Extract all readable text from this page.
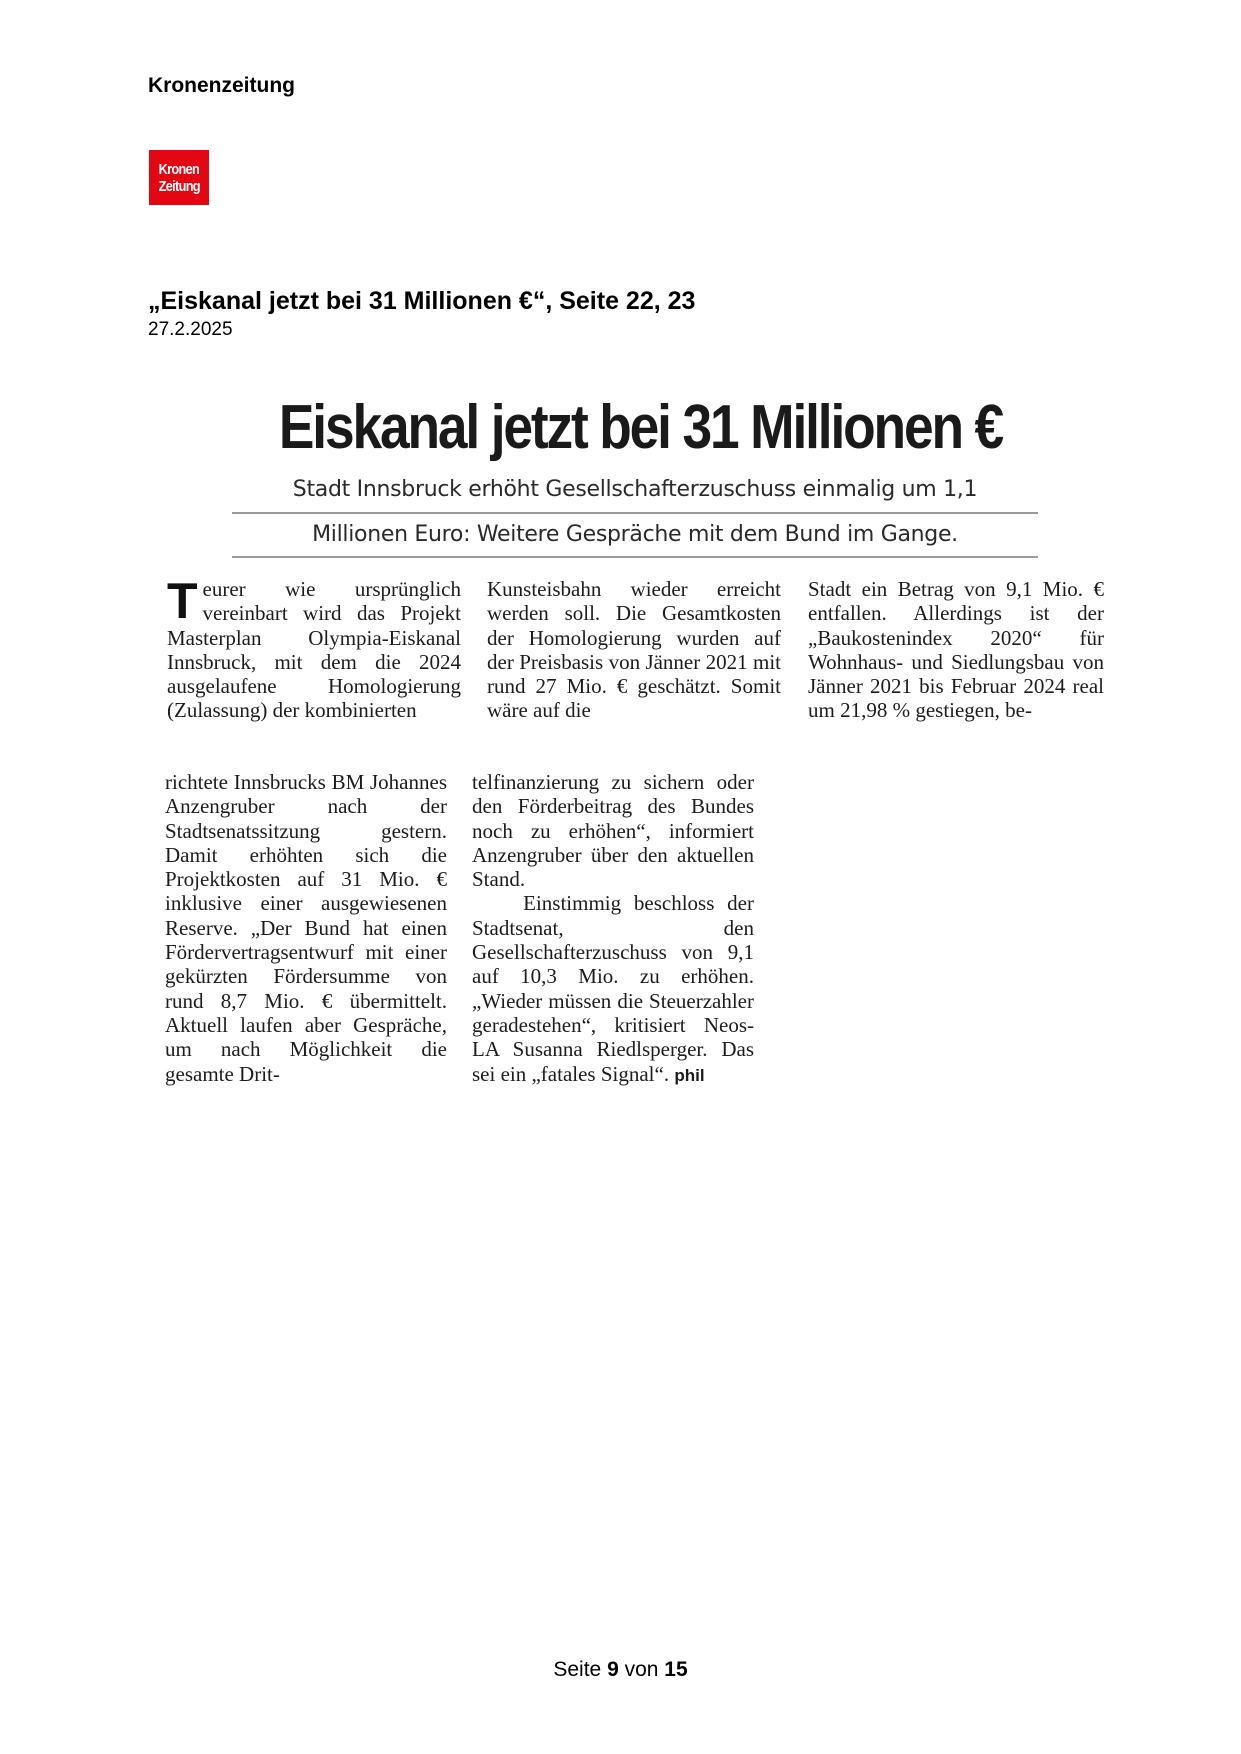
Kronenzeitung
Kronen
Zeitung
„Eiskanal jetzt bei 31 Millionen €“, Seite 22, 23
27.2.2025
Eiskanal jetzt bei 31 Millionen €
Stadt Innsbruck erhöht Gesellschafterzuschuss einmalig um 1,1
Millionen Euro: Weitere Gespräche mit dem Bund im Gange.

Teurer wie ursprünglich vereinbart wird das Projekt Masterplan Olympia-Eiskanal Innsbruck, mit dem die 2024 ausgelaufene Homologierung (Zulassung) der kombinierten

Kunsteisbahn wieder erreicht werden soll. Die Gesamtkosten der Homologierung wurden auf der Preisbasis von Jänner 2021 mit rund 27 Mio. € geschätzt. Somit wäre auf die

Stadt ein Betrag von 9,1 Mio. € entfallen. Allerdings ist der „Baukostenindex 2020“ für Wohnhaus- und Siedlungsbau von Jänner 2021 bis Februar 2024 real um 21,98 % gestiegen, be-

richtete Innsbrucks BM Johannes Anzengruber nach der Stadtsenatssitzung gestern. Damit erhöhten sich die Projektkosten auf 31 Mio. € inklusive einer ausgewiesenen Reserve. „Der Bund hat einen Fördervertragsentwurf mit einer gekürzten Fördersumme von rund 8,7 Mio. € übermittelt. Aktuell laufen aber Gespräche, um nach Möglichkeit die gesamte Drit-

telfinanzierung zu sichern oder den Förderbeitrag des Bundes noch zu erhöhen“, informiert Anzengruber über den aktuellen Stand.
Einstimmig beschloss der Stadtsenat, den Gesellschafterzuschuss von 9,1 auf 10,3 Mio. zu erhöhen. „Wieder müssen die Steuerzahler geradestehen“, kritisiert Neos-LA Susanna Riedlsperger. Das sei ein „fatales Signal“. phil
Seite 9 von 15
